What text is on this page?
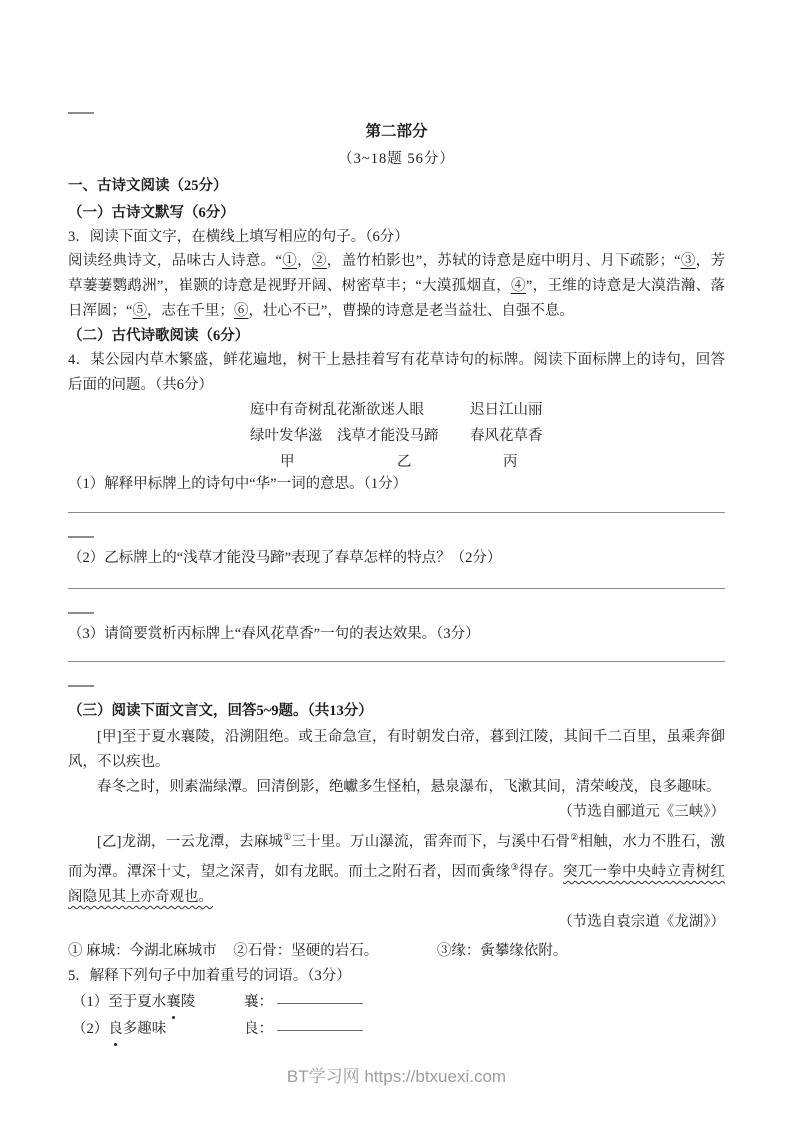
第二部分
（3~18题 56分）
一、古诗文阅读（25分）
（一）古诗文默写（6分）
3．阅读下面文字，在横线上填写相应的句子。（6分）
阅读经典诗文，品味古人诗意。“①，②，盖竹柏影也”，苏轼的诗意是庭中明月、月下疏影；“③，芳草萋萋鹦鹉洲”，崔颢的诗意是视野开阔、树密草丰；“大漠孤烟直，④”，王维的诗意是大漠浩瀚、落日浑圆；“⑤，志在千里；⑥，壮心不已”，曹操的诗意是老当益壮、自强不息。
（二）古代诗歌阅读（6分）
4．某公园内草木繁盛，鲜花遍地，树干上悬挂着写有花草诗句的标牌。阅读下面标牌上的诗句，回答后面的问题。（共6分）
庭中有奇树乱花渐欲迷人眼	迟日江山丽
绿叶发华滋　浅草才能没马蹄 春风花草香
甲	乙	丙
（1）解释甲标牌上的诗句中“华”一词的意思。（1分）
（2）乙标牌上的“浅草才能没马蹄”表现了春草怎样的特点？（2分）
（3）请简要赏析丙标牌上“春风花草香”一句的表达效果。（3分）
（三）阅读下面文言文，回答5~9题。（共13分）
[甲]至于夏水襄陵，沿溯阻绝。或王命急宣，有时朝发白帝，暮到江陵，其间千二百里，虽乘奔御风，不以疾也。
春冬之时，则素湍绿潭。回清倒影，绝巘多生怪柏，悬泉瀑布，飞漱其间，清荣峻茂，良多趣味。
（节选自郦道元《三峡》）
[乙]龙湖，一云龙潭，去麻城①三十里。万山瀑流，雷奔而下，与溪中石骨②相触，水力不胜石，激而为潭。潭深十丈，望之深青，如有龙眠。而土之附石者，因而夤缘③得存。突兀一拳中央峙立青树红阁隐见其上亦奇观也。
（节选自袁宗道《龙湖》）
① 麻城：今湖北麻城市 ②石骨：坚硬的岩石。	③缘：夤攀缘依附。
5．解释下列句子中加着重号的词语。（3分）
（1）至于夏水襄陵	襄：
（2）良多趣味	良：
BT学习网 https://btxuexi.com
